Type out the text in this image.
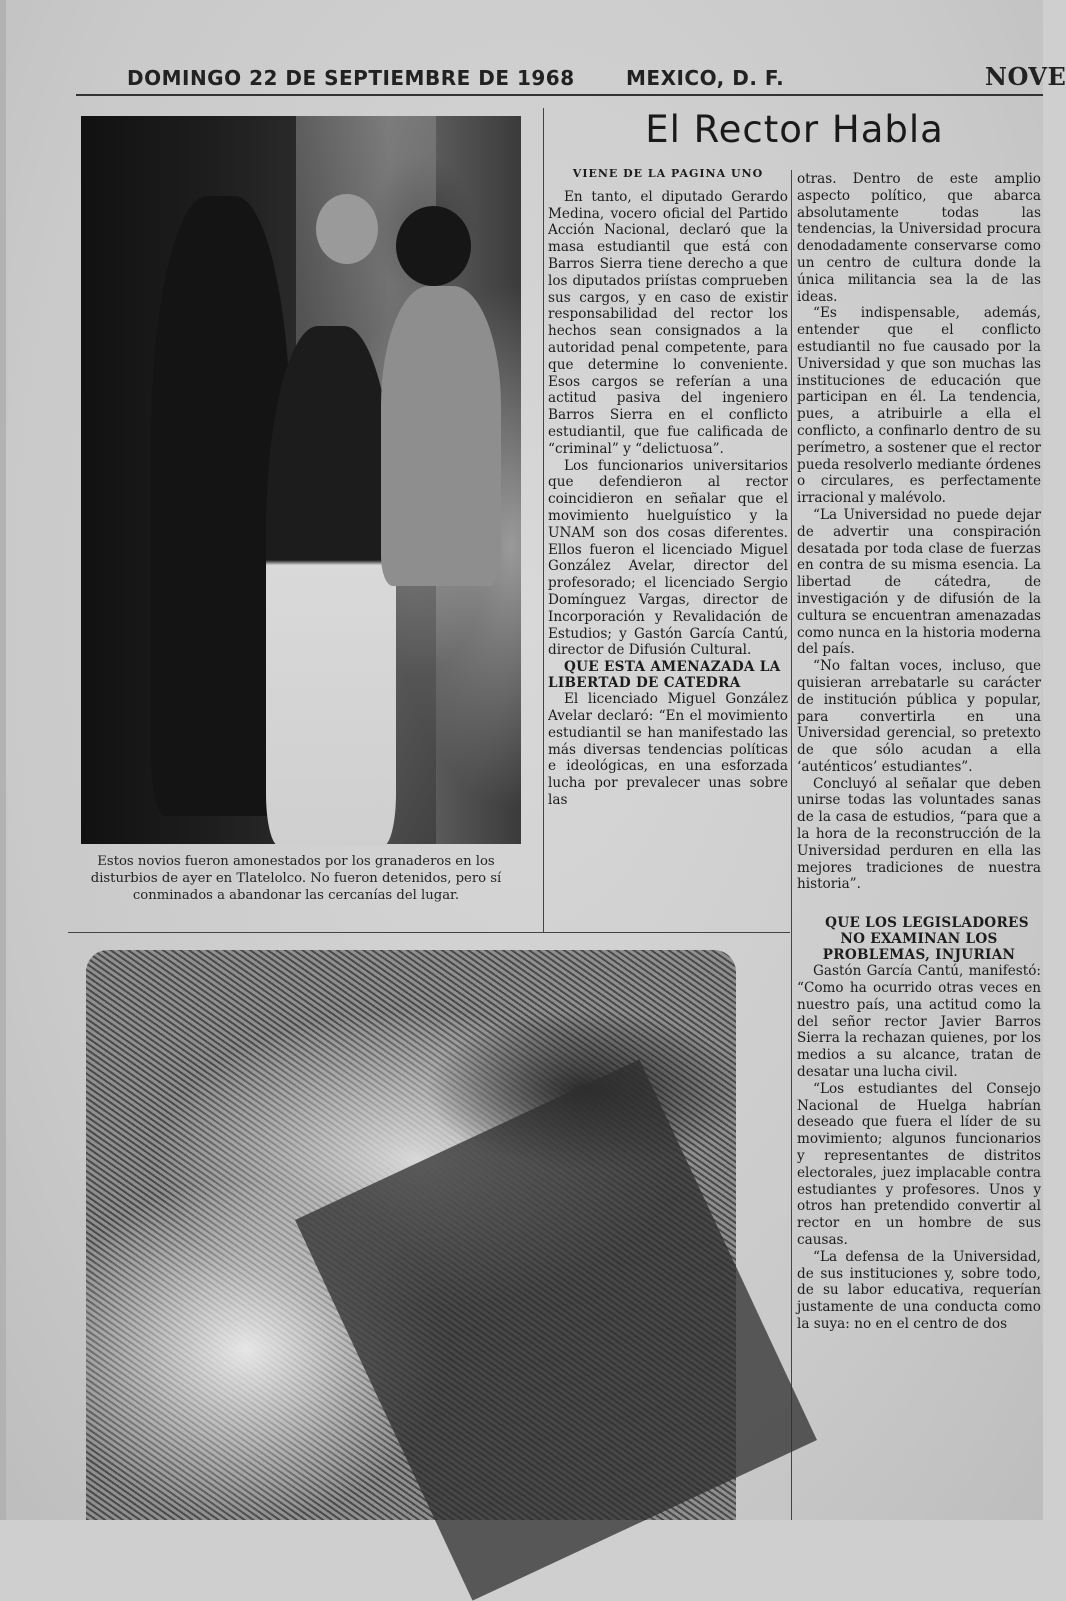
DOMINGO 22 DE SEPTIEMBRE DE 1968	MEXICO, D. F.	NOVE
Estos novios fueron amonestados por los granaderos en los disturbios de ayer en Tlatelolco. No fueron detenidos, pero sí conminados a abandonar las cercanías del lugar.
El Rector Habla
VIENE DE LA PAGINA UNO

En tanto, el diputado Gerardo Medina, vocero oficial del Partido Acción Nacional, declaró que la masa estudiantil que está con Barros Sierra tiene derecho a que los diputados priístas comprueben sus cargos, y en caso de existir responsabilidad del rector los hechos sean consignados a la autoridad penal competente, para que determine lo conveniente. Esos cargos se referían a una actitud pasiva del ingeniero Barros Sierra en el conflicto estudiantil, que fue calificada de “criminal” y “delictuosa”.

Los funcionarios universitarios que defendieron al rector coincidieron en señalar que el movimiento huelguístico y la UNAM son dos cosas diferentes. Ellos fueron el licenciado Miguel González Avelar, director del profesorado; el licenciado Sergio Domínguez Vargas, director de Incorporación y Revalidación de Estudios; y Gastón García Cantú, director de Difusión Cultural.

QUE ESTA AMENAZADA LA LIBERTAD DE CATEDRA

El licenciado Miguel González Avelar declaró: “En el movimiento estudiantil se han manifestado las más diversas tendencias políticas e ideológicas, en una esforzada lucha por prevalecer unas sobre las

otras. Dentro de este amplio aspecto político, que abarca absolutamente todas las tendencias, la Universidad procura denodadamente conservarse como un centro de cultura donde la única militancia sea la de las ideas.

“Es indispensable, además, entender que el conflicto estudiantil no fue causado por la Universidad y que son muchas las instituciones de educación que participan en él. La tendencia, pues, a atribuirle a ella el conflicto, a confinarlo dentro de su perímetro, a sostener que el rector pueda resolverlo mediante órdenes o circulares, es perfectamente irracional y malévolo.

“La Universidad no puede dejar de advertir una conspiración desatada por toda clase de fuerzas en contra de su misma esencia. La libertad de cátedra, de investigación y de difusión de la cultura se encuentran amenazadas como nunca en la historia moderna del país.

“No faltan voces, incluso, que quisieran arrebatarle su carácter de institución pública y popular, para convertirla en una Universidad gerencial, so pretexto de que sólo acudan a ella ‘auténticos’ estudiantes”.

Concluyó al señalar que deben unirse todas las voluntades sanas de la casa de estudios, “para que a la hora de la reconstrucción de la Universidad perduren en ella las mejores tradiciones de nuestra historia”.

QUE LOS LEGISLADORES NO EXAMINAN LOS PROBLEMAS, INJURIAN

Gastón García Cantú, manifestó: “Como ha ocurrido otras veces en nuestro país, una actitud como la del señor rector Javier Barros Sierra la rechazan quienes, por los medios a su alcance, tratan de desatar una lucha civil.

“Los estudiantes del Consejo Nacional de Huelga habrían deseado que fuera el líder de su movimiento; algunos funcionarios y representantes de distritos electorales, juez implacable contra estudiantes y profesores. Unos y otros han pretendido convertir al rector en un hombre de sus causas.

“La defensa de la Universidad, de sus instituciones y, sobre todo, de su labor educativa, requerían justamente de una conducta como la suya: no en el centro de dos
